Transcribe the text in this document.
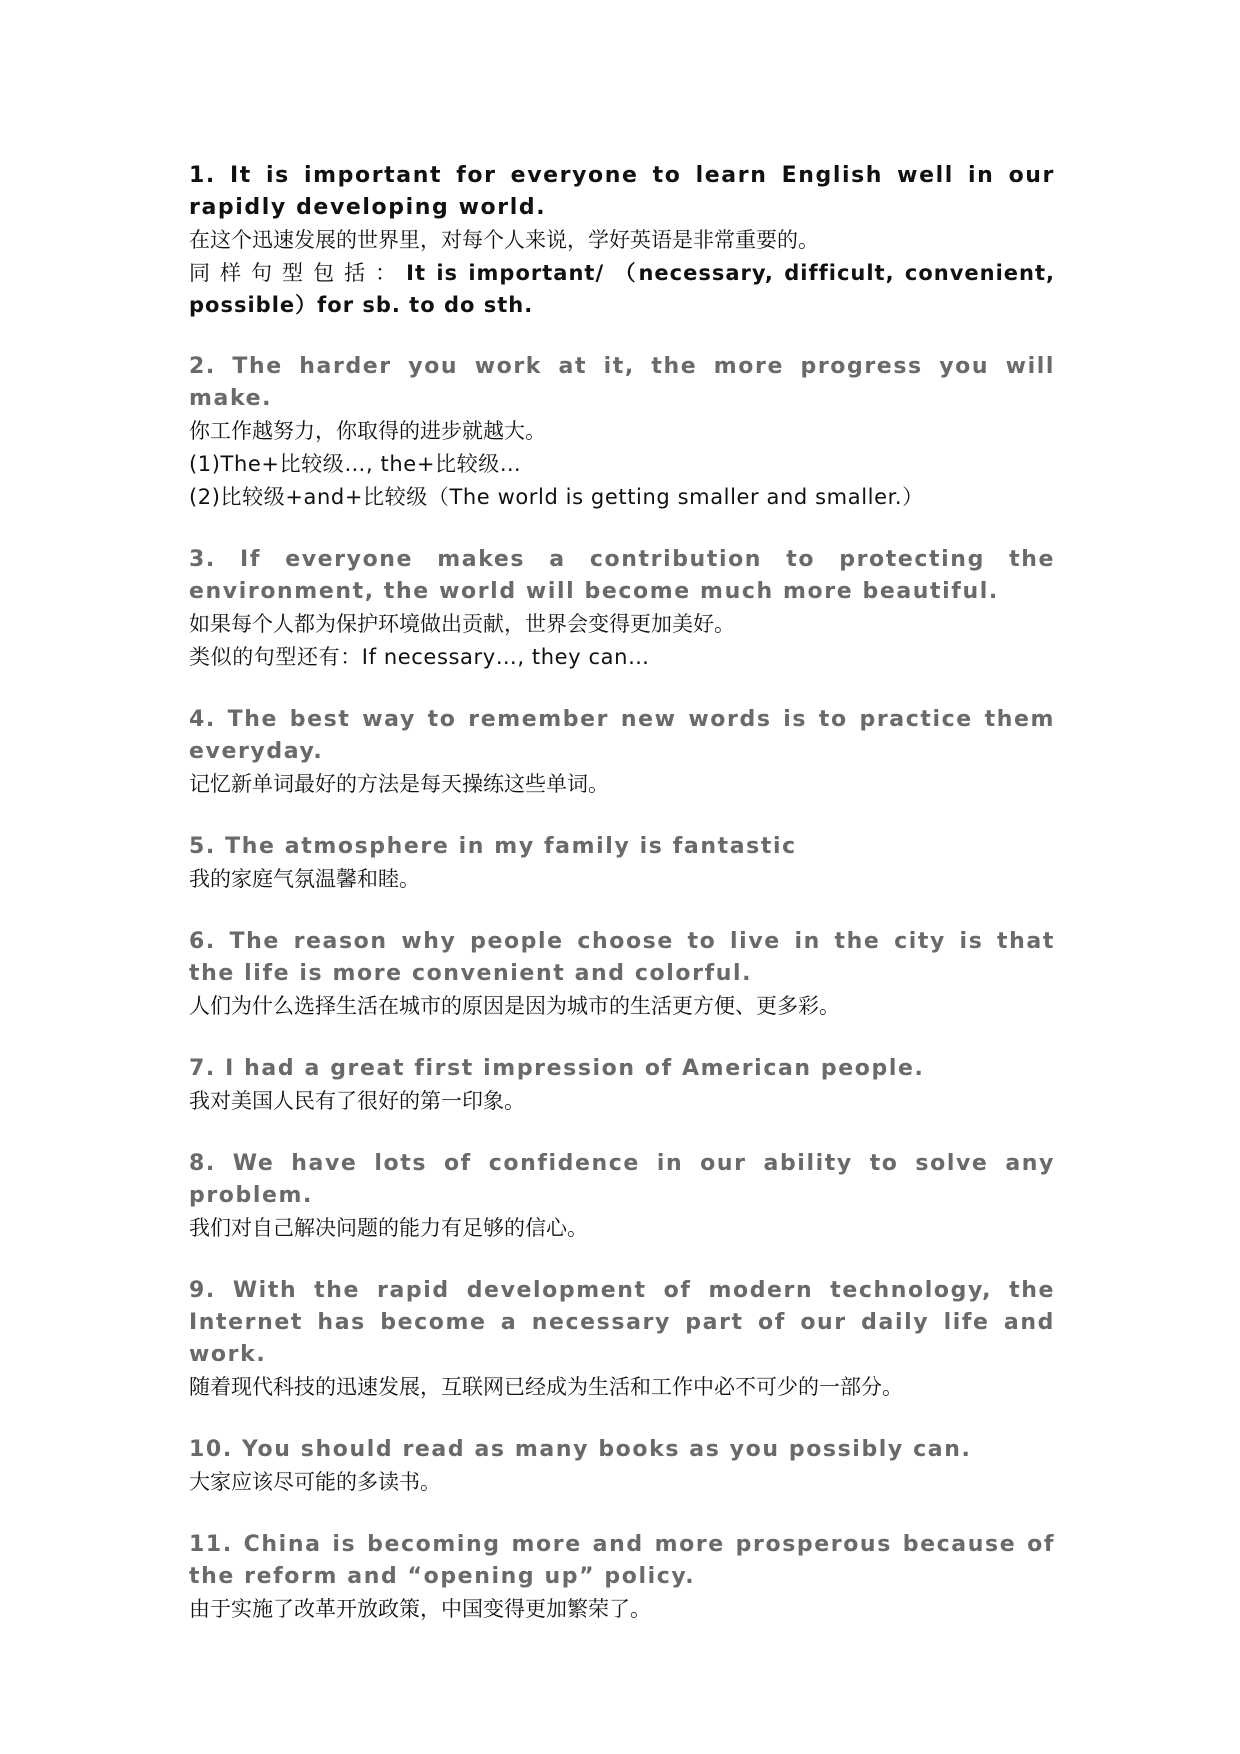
1. It is important for everyone to learn English well in our rapidly developing world.

在这个迅速发展的世界里，对每个人来说，学好英语是非常重要的。

同样句型包括：It is important/ （necessary, difficult, convenient, possible）for sb. to do sth.

2. The harder you work at it, the more progress you will make.

你工作越努力，你取得的进步就越大。

(1)The+比较级…, the+比较级…

(2)比较级+and+比较级（The world is getting smaller and smaller.）

3. If everyone makes a contribution to protecting the environment, the world will become much more beautiful.

如果每个人都为保护环境做出贡献，世界会变得更加美好。

类似的句型还有：If necessary…, they can…

4. The best way to remember new words is to practice them everyday.

记忆新单词最好的方法是每天操练这些单词。

5. The atmosphere in my family is fantastic

我的家庭气氛温馨和睦。

6. The reason why people choose to live in the city is that the life is more convenient and colorful.

人们为什么选择生活在城市的原因是因为城市的生活更方便、更多彩。

7. I had a great first impression of American people.

我对美国人民有了很好的第一印象。

8. We have lots of confidence in our ability to solve any problem.

我们对自己解决问题的能力有足够的信心。

9. With the rapid development of modern technology, the Internet has become a necessary part of our daily life and work.

随着现代科技的迅速发展，互联网已经成为生活和工作中必不可少的一部分。

10. You should read as many books as you possibly can.

大家应该尽可能的多读书。

11. China is becoming more and more prosperous because of the reform and “opening up” policy.

由于实施了改革开放政策，中国变得更加繁荣了。
